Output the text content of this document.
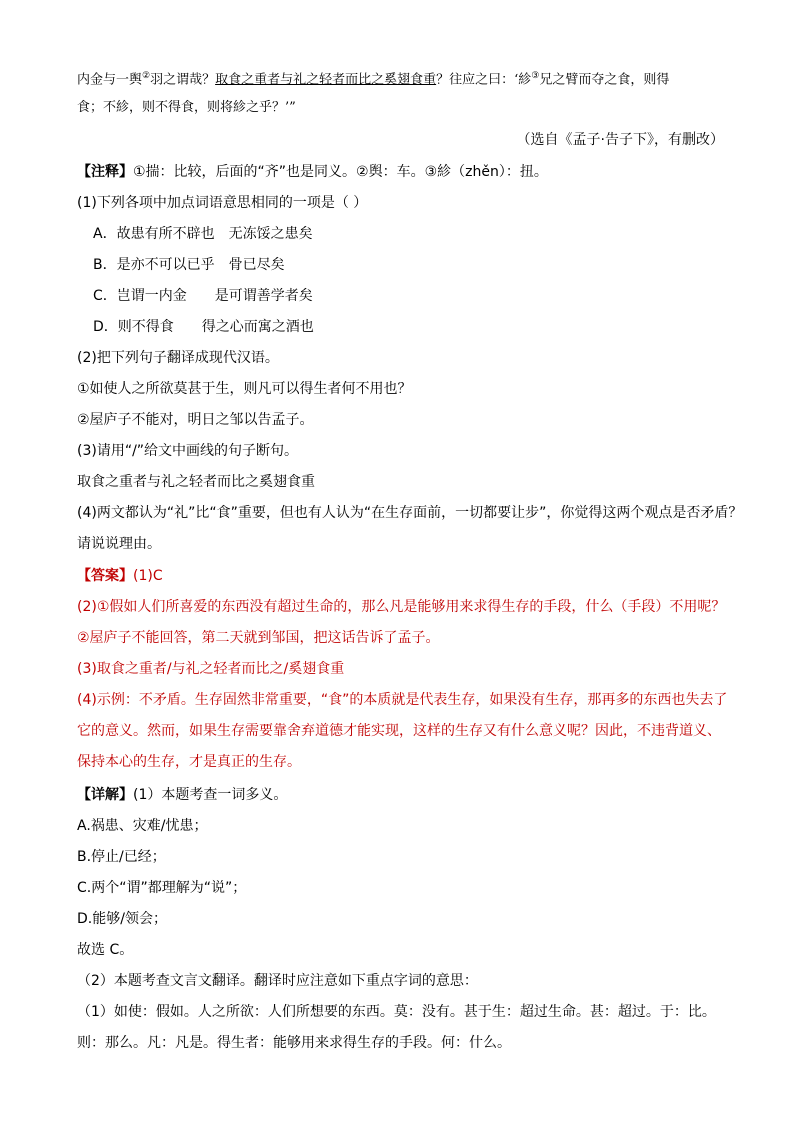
内金与一舆②羽之谓哉？取食之重者与礼之轻者而比之奚翅食重？往应之曰：‘紾③兄之臂而夺之食，则得
食；不紾，则不得食，则将紾之乎？’”
（选自《孟子·告子下》，有删改）
【注释】①揣：比较，后面的“齐”也是同义。②舆：车。③紾（zhěn）：扭。
(1)下列各项中加点词语意思相同的一项是（ ）
A．故患有所不辟也　无冻馁之患矣
B．是亦不可以已乎　骨已尽矣
C．岂谓一内金　　是可谓善学者矣
D．则不得食　　得之心而寓之酒也
(2)把下列句子翻译成现代汉语。
①如使人之所欲莫甚于生，则凡可以得生者何不用也？
②屋庐子不能对，明日之邹以告孟子。
(3)请用“/”给文中画线的句子断句。
取食之重者与礼之轻者而比之奚翅食重
(4)两文都认为“礼”比“食”重要，但也有人认为“在生存面前，一切都要让步”，你觉得这两个观点是否矛盾？
请说说理由。
【答案】(1)C
(2)①假如人们所喜爱的东西没有超过生命的，那么凡是能够用来求得生存的手段，什么（手段）不用呢？
②屋庐子不能回答，第二天就到邹国，把这话告诉了孟子。
(3)取食之重者/与礼之轻者而比之/奚翅食重
(4)示例：不矛盾。生存固然非常重要，“食”的本质就是代表生存，如果没有生存，那再多的东西也失去了
它的意义。然而，如果生存需要靠舍弃道德才能实现，这样的生存又有什么意义呢？因此，不违背道义、
保持本心的生存，才是真正的生存。
【详解】(1）本题考查一词多义。
A.祸患、灾难/忧患；
B.停止/已经；
C.两个“谓”都理解为“说”；
D.能够/领会；
故选 C。
（2）本题考查文言文翻译。翻译时应注意如下重点字词的意思：
（1）如使：假如。人之所欲：人们所想要的东西。莫：没有。甚于生：超过生命。甚：超过。于：比。
则：那么。凡：凡是。得生者：能够用来求得生存的手段。何：什么。
